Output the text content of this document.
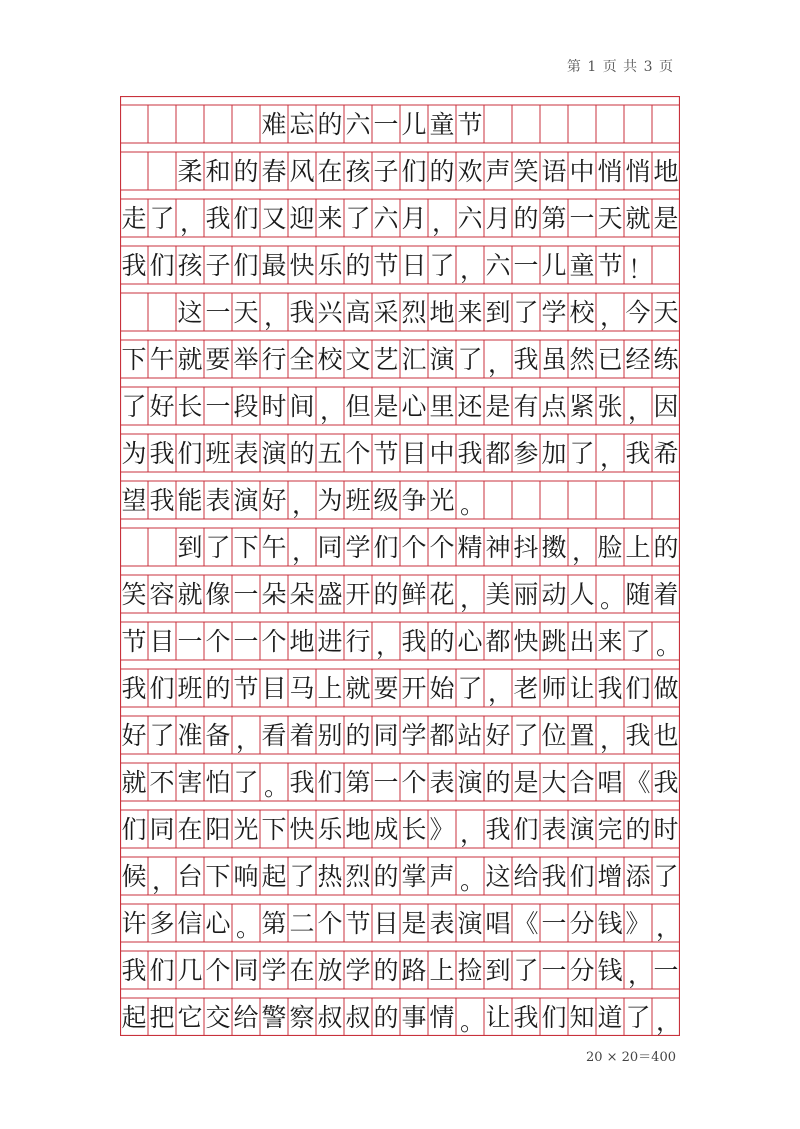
第 1 页 共 3 页
难 忘 的 六 一 儿 童 节
柔 和 的 春 风 在 孩 子 们 的 欢 声 笑 语 中 悄 悄 地
走 了 ， 我 们 又 迎 来 了 六 月 ， 六 月 的 第 一 天 就 是
我 们 孩 子 们 最 快 乐 的 节 日 了 ， 六 一 儿 童 节 ！
这 一 天 ， 我 兴 高 采 烈 地 来 到 了 学 校 ， 今 天
下 午 就 要 举 行 全 校 文 艺 汇 演 了 ， 我 虽 然 已 经 练
了 好 长 一 段 时 间 ， 但 是 心 里 还 是 有 点 紧 张 ， 因
为 我 们 班 表 演 的 五 个 节 目 中 我 都 参 加 了 ， 我 希
望 我 能 表 演 好 ， 为 班 级 争 光 。
到 了 下 午 ， 同 学 们 个 个 精 神 抖 擞 ， 脸 上 的
笑 容 就 像 一 朵 朵 盛 开 的 鲜 花 ， 美 丽 动 人 。 随 着
节 目 一 个 一 个 地 进 行 ， 我 的 心 都 快 跳 出 来 了 。
我 们 班 的 节 目 马 上 就 要 开 始 了 ， 老 师 让 我 们 做
好 了 准 备 ， 看 着 别 的 同 学 都 站 好 了 位 置 ， 我 也
就 不 害 怕 了 。 我 们 第 一 个 表 演 的 是 大 合 唱 《 我
们 同 在 阳 光 下 快 乐 地 成 长 》 ， 我 们 表 演 完 的 时
候 ， 台 下 响 起 了 热 烈 的 掌 声 。 这 给 我 们 增 添 了
许 多 信 心 。 第 二 个 节 目 是 表 演 唱 《 一 分 钱 》 ，
我 们 几 个 同 学 在 放 学 的 路 上 捡 到 了 一 分 钱 ， 一
起 把 它 交 给 警 察 叔 叔 的 事 情 。 让 我 们 知 道 了 ，
20 × 20＝400
